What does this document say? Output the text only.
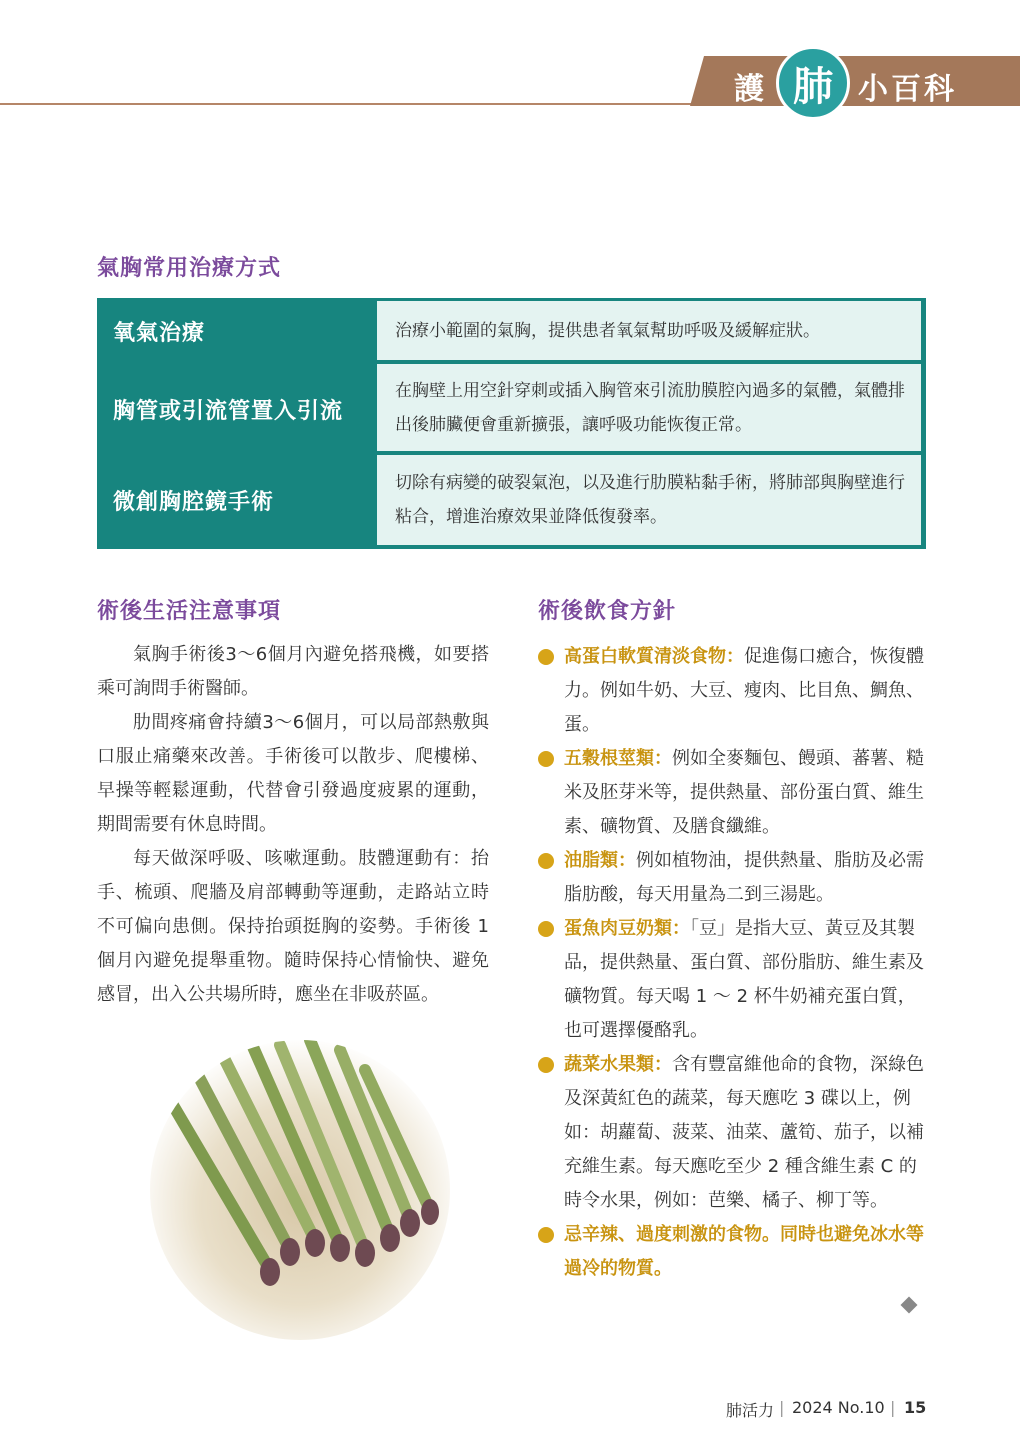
護 肺 小百科
氣胸常用治療方式
氧氣治療	治療小範圍的氣胸，提供患者氧氣幫助呼吸及緩解症狀。
胸管或引流管置入引流
在胸壁上用空針穿刺或插入胸管來引流肋膜腔內過多的氣體，氣體排出後肺臟便會重新擴張，讓呼吸功能恢復正常。
微創胸腔鏡手術
切除有病變的破裂氣泡，以及進行肋膜粘黏手術，將肺部與胸壁進行粘合，增進治療效果並降低復發率。
術後生活注意事項

氣胸手術後3～6個月內避免搭飛機，如要搭乘可詢問手術醫師。

肋間疼痛會持續3～6個月，可以局部熱敷與口服止痛藥來改善。手術後可以散步、爬樓梯、早操等輕鬆運動，代替會引發過度疲累的運動，期間需要有休息時間。

每天做深呼吸、咳嗽運動。肢體運動有：抬手、梳頭、爬牆及肩部轉動等運動，走路站立時不可偏向患側。保持抬頭挺胸的姿勢。手術後 1 個月內避免提舉重物。隨時保持心情愉快、避免感冒，出入公共場所時，應坐在非吸菸區。

術後飲食方針
高蛋白軟質清淡食物：促進傷口癒合，恢復體力。例如牛奶、大豆、瘦肉、比目魚、鯛魚、蛋。
五穀根莖類：例如全麥麵包、饅頭、蕃薯、糙米及胚芽米等，提供熱量、部份蛋白質、維生素、礦物質、及膳食纖維。
油脂類：例如植物油，提供熱量、脂肪及必需脂肪酸，每天用量為二到三湯匙。
蛋魚肉豆奶類：「豆」是指大豆、黃豆及其製品，提供熱量、蛋白質、部份脂肪、維生素及礦物質。每天喝 1 ～ 2 杯牛奶補充蛋白質，也可選擇優酪乳。
蔬菜水果類：含有豐富維他命的食物，深綠色及深黃紅色的蔬菜，每天應吃 3 碟以上，例如：胡蘿蔔、菠菜、油菜、蘆筍、茄子，以補充維生素。每天應吃至少 2 種含維生素 C 的時令水果，例如：芭樂、橘子、柳丁等。
忌辛辣、過度刺激的食物。同時也避免冰水等過冷的物質。
肺活力 | 2024 No.10 | 15
